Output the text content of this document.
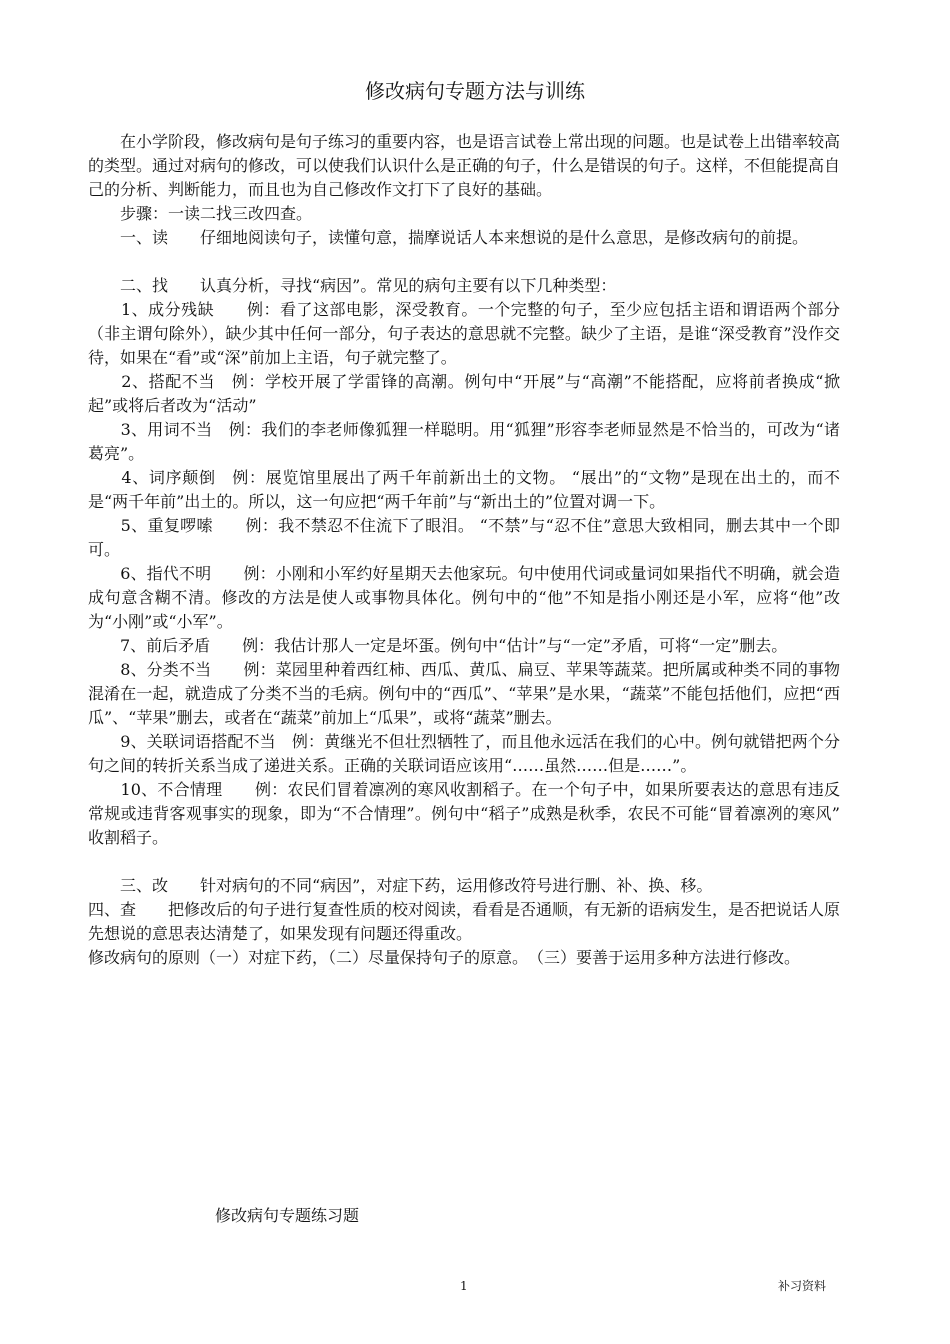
修改病句专题方法与训练

　　在小学阶段，修改病句是句子练习的重要内容，也是语言试卷上常出现的问题。也是试卷上出错率较高的类型。通过对病句的修改，可以使我们认识什么是正确的句子，什么是错误的句子。这样，不但能提高自己的分析、判断能力，而且也为自己修改作文打下了良好的基础。

　　步骤：一读二找三改四查。

　　一、读　　仔细地阅读句子，读懂句意，揣摩说话人本来想说的是什么意思，是修改病句的前提。

　　二、找　　认真分析，寻找“病因”。常见的病句主要有以下几种类型：

　　1、成分残缺　　例：看了这部电影，深受教育。一个完整的句子，至少应包括主语和谓语两个部分（非主谓句除外），缺少其中任何一部分，句子表达的意思就不完整。缺少了主语，是谁“深受教育”没作交待，如果在“看”或“深”前加上主语，句子就完整了。

　　2、搭配不当　例：学校开展了学雷锋的高潮。例句中“开展”与“高潮”不能搭配，应将前者换成“掀起”或将后者改为“活动”

　　3、用词不当　例：我们的李老师像狐狸一样聪明。用“狐狸”形容李老师显然是不恰当的，可改为“诸葛亮”。

　　4、词序颠倒　例：展览馆里展出了两千年前新出土的文物。 “展出”的“文物”是现在出土的，而不是“两千年前”出土的。所以，这一句应把“两千年前”与“新出土的”位置对调一下。

　　5、重复啰嗦　　例：我不禁忍不住流下了眼泪。 “不禁”与“忍不住”意思大致相同，删去其中一个即可。

　　6、指代不明　　例：小刚和小军约好星期天去他家玩。句中使用代词或量词如果指代不明确，就会造成句意含糊不清。修改的方法是使人或事物具体化。例句中的“他”不知是指小刚还是小军，应将“他”改为“小刚”或“小军”。

　　7、前后矛盾　　例：我估计那人一定是坏蛋。例句中“估计”与“一定”矛盾，可将“一定”删去。

　　8、分类不当　　例：菜园里种着西红柿、西瓜、黄瓜、扁豆、苹果等蔬菜。把所属或种类不同的事物混淆在一起，就造成了分类不当的毛病。例句中的“西瓜”、“苹果”是水果，“蔬菜”不能包括他们，应把“西瓜”、“苹果”删去，或者在“蔬菜”前加上“瓜果”，或将“蔬菜”删去。

　　9、关联词语搭配不当　例：黄继光不但壮烈牺牲了，而且他永远活在我们的心中。例句就错把两个分句之间的转折关系当成了递进关系。正确的关联词语应该用“……虽然……但是……”。

　　10、不合情理　　例：农民们冒着凛冽的寒风收割稻子。在一个句子中，如果所要表达的意思有违反常规或违背客观事实的现象，即为“不合情理”。例句中“稻子”成熟是秋季，农民不可能“冒着凛冽的寒风” 收割稻子。

　　三、改　　针对病句的不同“病因”，对症下药，运用修改符号进行删、补、换、移。

四、查　　把修改后的句子进行复查性质的校对阅读，看看是否通顺，有无新的语病发生，是否把说话人原先想说的意思表达清楚了，如果发现有问题还得重改。

修改病句的原则（一）对症下药，（二）尽量保持句子的原意。　（三）要善于运用多种方法进行修改。

修改病句专题练习题
1	补习资料
